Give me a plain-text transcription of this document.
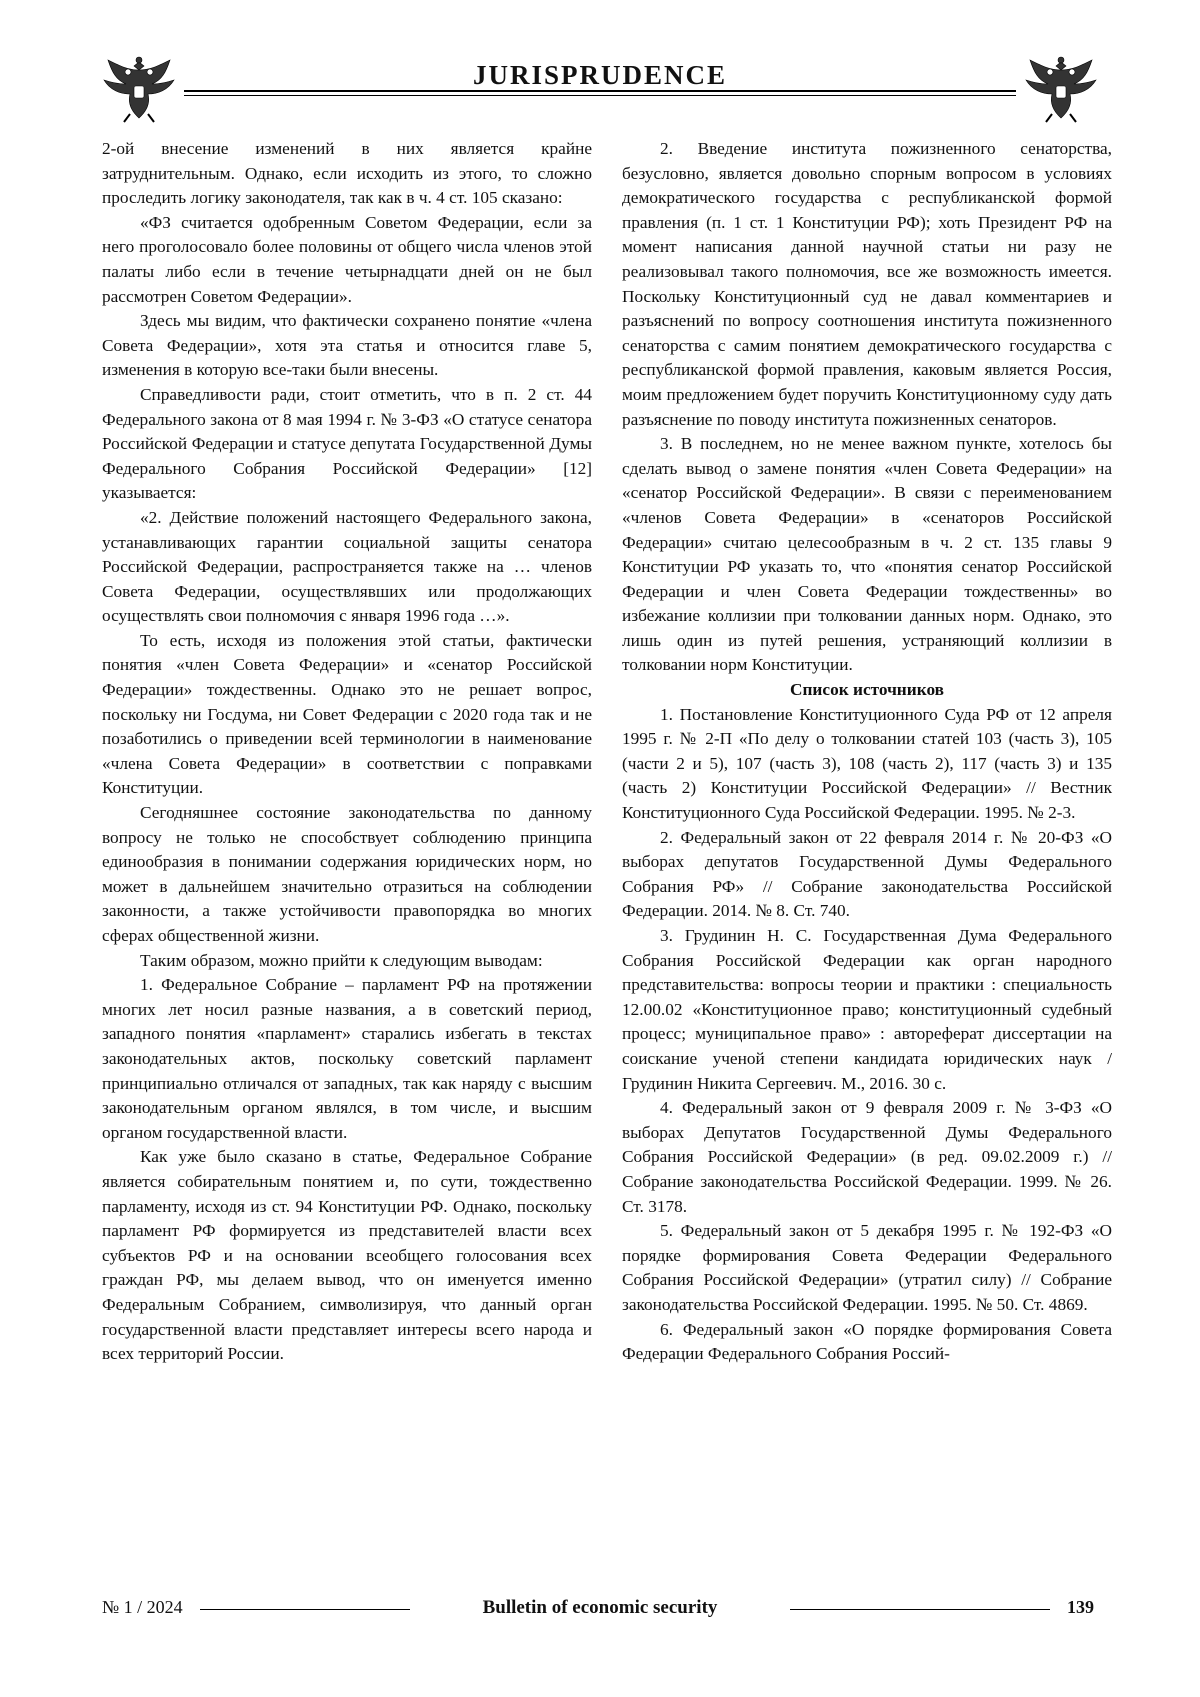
JURISPRUDENCE

2-ой внесение изменений в них является крайне затруднительным. Однако, если исходить из этого, то сложно проследить логику законодателя, так как в ч. 4 ст. 105 сказано:

«ФЗ считается одобренным Советом Федерации, если за него проголосовало более половины от общего числа членов этой палаты либо если в течение четырнадцати дней он не был рассмотрен Советом Федерации».

Здесь мы видим, что фактически сохранено понятие «члена Совета Федерации», хотя эта статья и относится главе 5, изменения в которую все-таки были внесены.

Справедливости ради, стоит отметить, что в п. 2 ст. 44 Федерального закона от 8 мая 1994 г. № 3-ФЗ «О статусе сенатора Российской Федерации и статусе депутата Государственной Думы Федерального Собрания Российской Федерации» [12] указывается:

«2. Действие положений настоящего Федерального закона, устанавливающих гарантии социальной защиты сенатора Российской Федерации, распространяется также на … членов Совета Федерации, осуществлявших или продолжающих осуществлять свои полномочия с января 1996 года …».

То есть, исходя из положения этой статьи, фактически понятия «член Совета Федерации» и «сенатор Российской Федерации» тождественны. Однако это не решает вопрос, поскольку ни Госдума, ни Совет Федерации с 2020 года так и не позаботились о приведении всей терминологии в наименование «члена Совета Федерации» в соответствии с поправками Конституции.

Сегодняшнее состояние законодательства по данному вопросу не только не способствует соблюдению принципа единообразия в понимании содержания юридических норм, но может в дальнейшем значительно отразиться на соблюдении законности, а также устойчивости правопорядка во многих сферах общественной жизни.

Таким образом, можно прийти к следующим выводам:

1. Федеральное Собрание – парламент РФ на протяжении многих лет носил разные названия, а в советский период, западного понятия «парламент» старались избегать в текстах законодательных актов, поскольку советский парламент принципиально отличался от западных, так как наряду с высшим законодательным органом являлся, в том числе, и высшим органом государственной власти.

Как уже было сказано в статье, Федеральное Собрание является собирательным понятием и, по сути, тождественно парламенту, исходя из ст. 94 Конституции РФ. Однако, поскольку парламент РФ формируется из представителей власти всех субъектов РФ и на основании всеобщего голосования всех граждан РФ, мы делаем вывод, что он именуется именно Федеральным Собранием, символизируя, что данный орган государственной власти представляет интересы всего народа и всех территорий России.

2. Введение института пожизненного сенаторства, безусловно, является довольно спорным вопросом в условиях демократического государства с республиканской формой правления (п. 1 ст. 1 Конституции РФ); хоть Президент РФ на момент написания данной научной статьи ни разу не реализовывал такого полномочия, все же возможность имеется. Поскольку Конституционный суд не давал комментариев и разъяснений по вопросу соотношения института пожизненного сенаторства с самим понятием демократического государства с республиканской формой правления, каковым является Россия, моим предложением будет поручить Конституционному суду дать разъяснение по поводу института пожизненных сенаторов.

3. В последнем, но не менее важном пункте, хотелось бы сделать вывод о замене понятия «член Совета Федерации» на «сенатор Российской Федерации». В связи с переименованием «членов Совета Федерации» в «сенаторов Российской Федерации» считаю целесообразным в ч. 2 ст. 135 главы 9 Конституции РФ указать то, что «понятия сенатор Российской Федерации и член Совета Федерации тождественны» во избежание коллизии при толковании данных норм. Однако, это лишь один из путей решения, устраняющий коллизии в толковании норм Конституции.

Список источников

1. Постановление Конституционного Суда РФ от 12 апреля 1995 г. № 2-П «По делу о толковании статей 103 (часть 3), 105 (части 2 и 5), 107 (часть 3), 108 (часть 2), 117 (часть 3) и 135 (часть 2) Конституции Российской Федерации» // Вестник Конституционного Суда Российской Федерации. 1995. № 2-3.

2. Федеральный закон от 22 февраля 2014 г. № 20-ФЗ «О выборах депутатов Государственной Думы Федерального Собрания РФ» // Собрание законодательства Российской Федерации. 2014. № 8. Ст. 740.

3. Грудинин Н. С. Государственная Дума Федерального Собрания Российской Федерации как орган народного представительства: вопросы теории и практики : специальность 12.00.02 «Конституционное право; конституционный судебный процесс; муниципальное право» : автореферат диссертации на соискание ученой степени кандидата юридических наук / Грудинин Никита Сергеевич. М., 2016. 30 с.

4. Федеральный закон от 9 февраля 2009 г. № 3-ФЗ «О выборах Депутатов Государственной Думы Федерального Собрания Российской Федерации» (в ред. 09.02.2009 г.) // Собрание законодательства Российской Федерации. 1999. № 26. Ст. 3178.

5. Федеральный закон от 5 декабря 1995 г. № 192-ФЗ «О порядке формирования Совета Федерации Федерального Собрания Российской Федерации» (утратил силу) // Собрание законодательства Российской Федерации. 1995. № 50. Ст. 4869.

6. Федеральный закон «О порядке формирования Совета Федерации Федерального Собрания Россий-

№ 1 / 2024	Bulletin of economic security	139
